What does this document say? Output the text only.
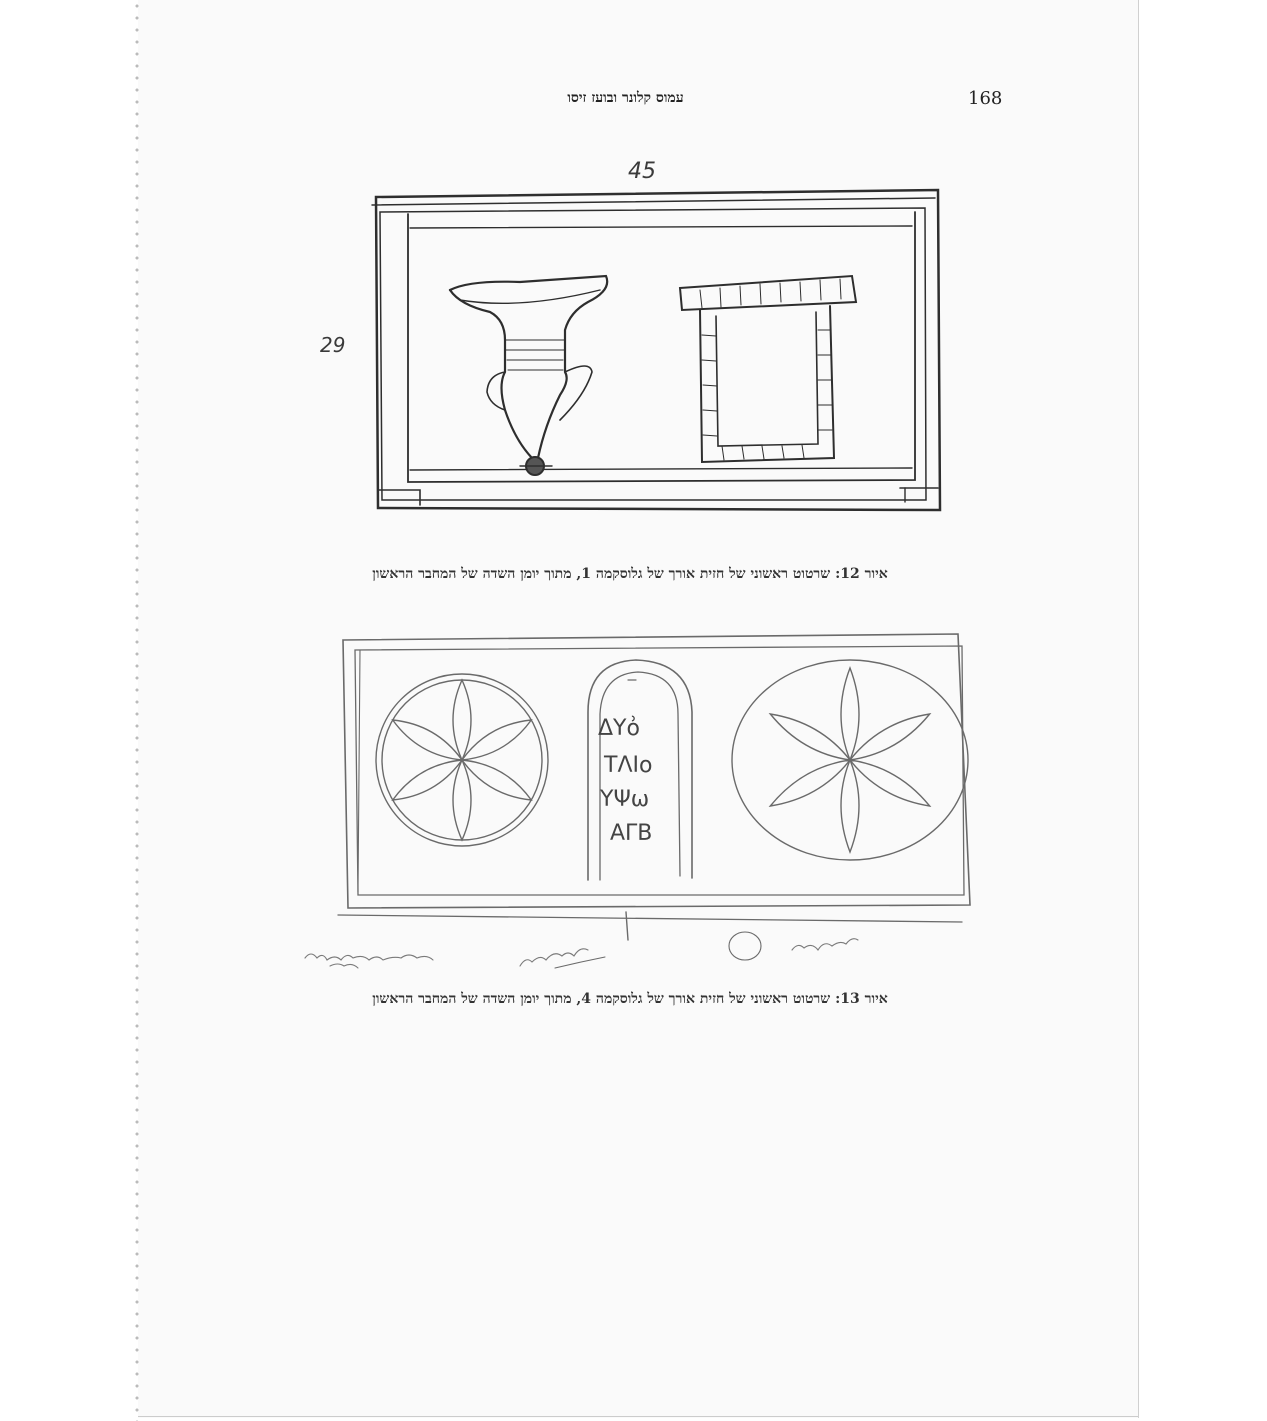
עמוס קלונר ובועז זיסו	168
45
29
ΔΥο͗
ΤΛΙο
ΥΨω
ΑΓΒ
איור 12: שרטוט ראשוני של חזית אורך של גלוסקמה 1, מתוך יומן השדה של המחבר הראשון
איור 13: שרטוט ראשוני של חזית אורך של גלוסקמה 4, מתוך יומן השדה של המחבר הראשון
